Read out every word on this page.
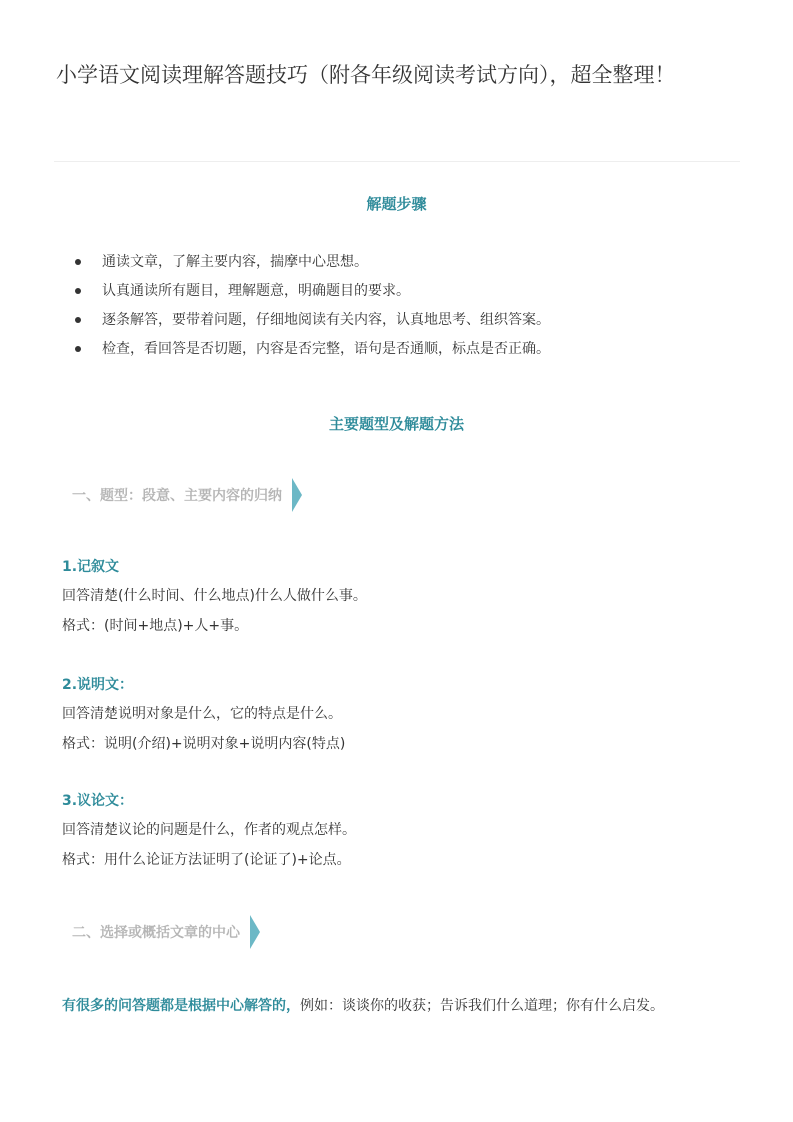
小学语文阅读理解答题技巧（附各年级阅读考试方向），超全整理！
解题步骤
通读文章，了解主要内容，揣摩中心思想。
认真通读所有题目，理解题意，明确题目的要求。
逐条解答，要带着问题，仔细地阅读有关内容，认真地思考、组织答案。
检查，看回答是否切题，内容是否完整，语句是否通顺，标点是否正确。
主要题型及解题方法
一、题型：段意、主要内容的归纳
1.记叙文
回答清楚(什么时间、什么地点)什么人做什么事。
格式：(时间+地点)+人+事。
2.说明文：
回答清楚说明对象是什么，它的特点是什么。
格式：说明(介绍)+说明对象+说明内容(特点)
3.议论文：
回答清楚议论的问题是什么，作者的观点怎样。
格式：用什么论证方法证明了(论证了)+论点。
二、选择或概括文章的中心
有很多的问答题都是根据中心解答的，例如：谈谈你的收获；告诉我们什么道理；你有什么启发。
